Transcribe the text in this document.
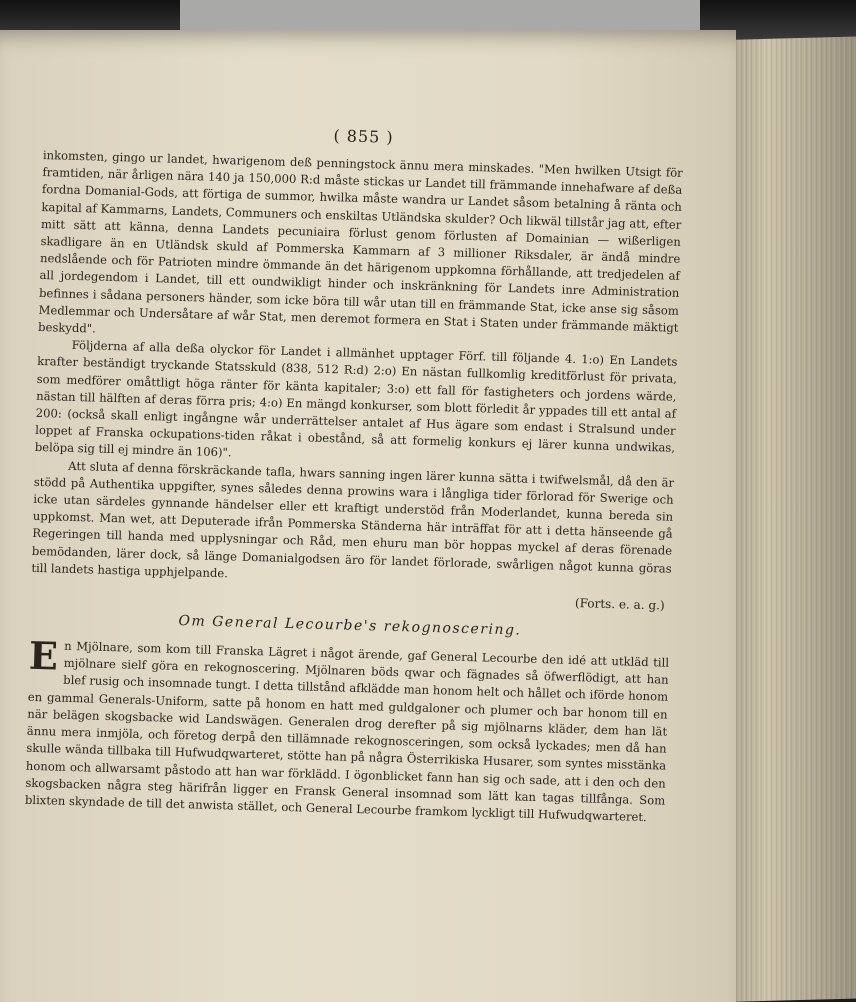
( 855 )

inkomsten, gingo ur landet, hwarigenom deß penningstock ännu mera minskades. "Men hwilken Utsigt för framtiden, när årligen nära 140 ja 150,000 R:d måste stickas ur Landet till främmande innehafware af deßa fordna Domanial-Gods, att förtiga de summor, hwilka måste wandra ur Landet såsom betalning å ränta och kapital af Kammarns, Landets, Communers och enskiltas Utländska skulder? Och likwäl tillstår jag att, efter mitt sätt att känna, denna Landets pecuniaira förlust genom förlusten af Domainian — wißerligen skadligare än en Utländsk skuld af Pommerska Kammarn af 3 millioner Riksdaler, är ändå mindre nedslående och för Patrioten mindre ömmande än det härigenom uppkomna förhållande, att tredjedelen af all jordegendom i Landet, till ett oundwikligt hinder och inskränkning för Landets inre Administration befinnes i sådana personers händer, som icke böra till wår utan till en främmande Stat, icke anse sig såsom Medlemmar och Undersåtare af wår Stat, men deremot formera en Stat i Staten under främmande mäktigt beskydd".

Följderna af alla deßa olyckor för Landet i allmänhet upptager Förf. till följande 4. 1:o) En Landets krafter beständigt tryckande Statsskuld (838, 512 R:d) 2:o) En nästan fullkomlig kreditförlust för privata, som medförer omåttligt höga ränter för känta kapitaler; 3:o) ett fall för fastigheters och jordens wärde, nästan till hälften af deras förra pris; 4:o) En mängd konkurser, som blott förledit år yppades till ett antal af 200: (också skall enligt ingångne wår underrättelser antalet af Hus ägare som endast i Stralsund under loppet af Franska ockupations-tiden råkat i obestånd, så att formelig konkurs ej lärer kunna undwikas, belöpa sig till ej mindre än 106)".

Att sluta af denna förskräckande tafla, hwars sanning ingen lärer kunna sätta i twifwelsmål, då den är stödd på Authentika uppgifter, synes således denna prowins wara i långliga tider förlorad för Swerige och icke utan särdeles gynnande händelser eller ett kraftigt understöd från Moderlandet, kunna bereda sin uppkomst. Man wet, att Deputerade ifrån Pommerska Ständerna här inträffat för att i detta hänseende gå Regeringen till handa med upplysningar och Råd, men ehuru man bör hoppas myckel af deras förenade bemödanden, lärer dock, så länge Domanialgodsen äro för landet förlorade, swårligen något kunna göras till landets hastiga upphjelpande.

(Forts. e. a. g.)
Om General Lecourbe's rekognoscering.

En Mjölnare, som kom till Franska Lägret i något ärende, gaf General Lecourbe den idé att utkläd till mjölnare sielf göra en rekognoscering. Mjölnaren böds qwar och fägnades så öfwerflödigt, att han blef rusig och insomnade tungt. I detta tillstånd afklädde man honom helt och hållet och iförde honom en gammal Generals-Uniform, satte på honom en hatt med guldgaloner och plumer och bar honom till en när belägen skogsbacke wid Landswägen. Generalen drog derefter på sig mjölnarns kläder, dem han lät ännu mera inmjöla, och företog derpå den tillämnade rekognosceringen, som också lyckades; men då han skulle wända tillbaka till Hufwudqwarteret, stötte han på några Österrikiska Husarer, som syntes misstänka honom och allwarsamt påstodo att han war förklädd. I ögonblicket fann han sig och sade, att i den och den skogsbacken några steg härifrån ligger en Fransk General insomnad som lätt kan tagas tillfånga. Som blixten skyndade de till det anwista stället, och General Lecourbe framkom lyckligt till Hufwudqwarteret.
